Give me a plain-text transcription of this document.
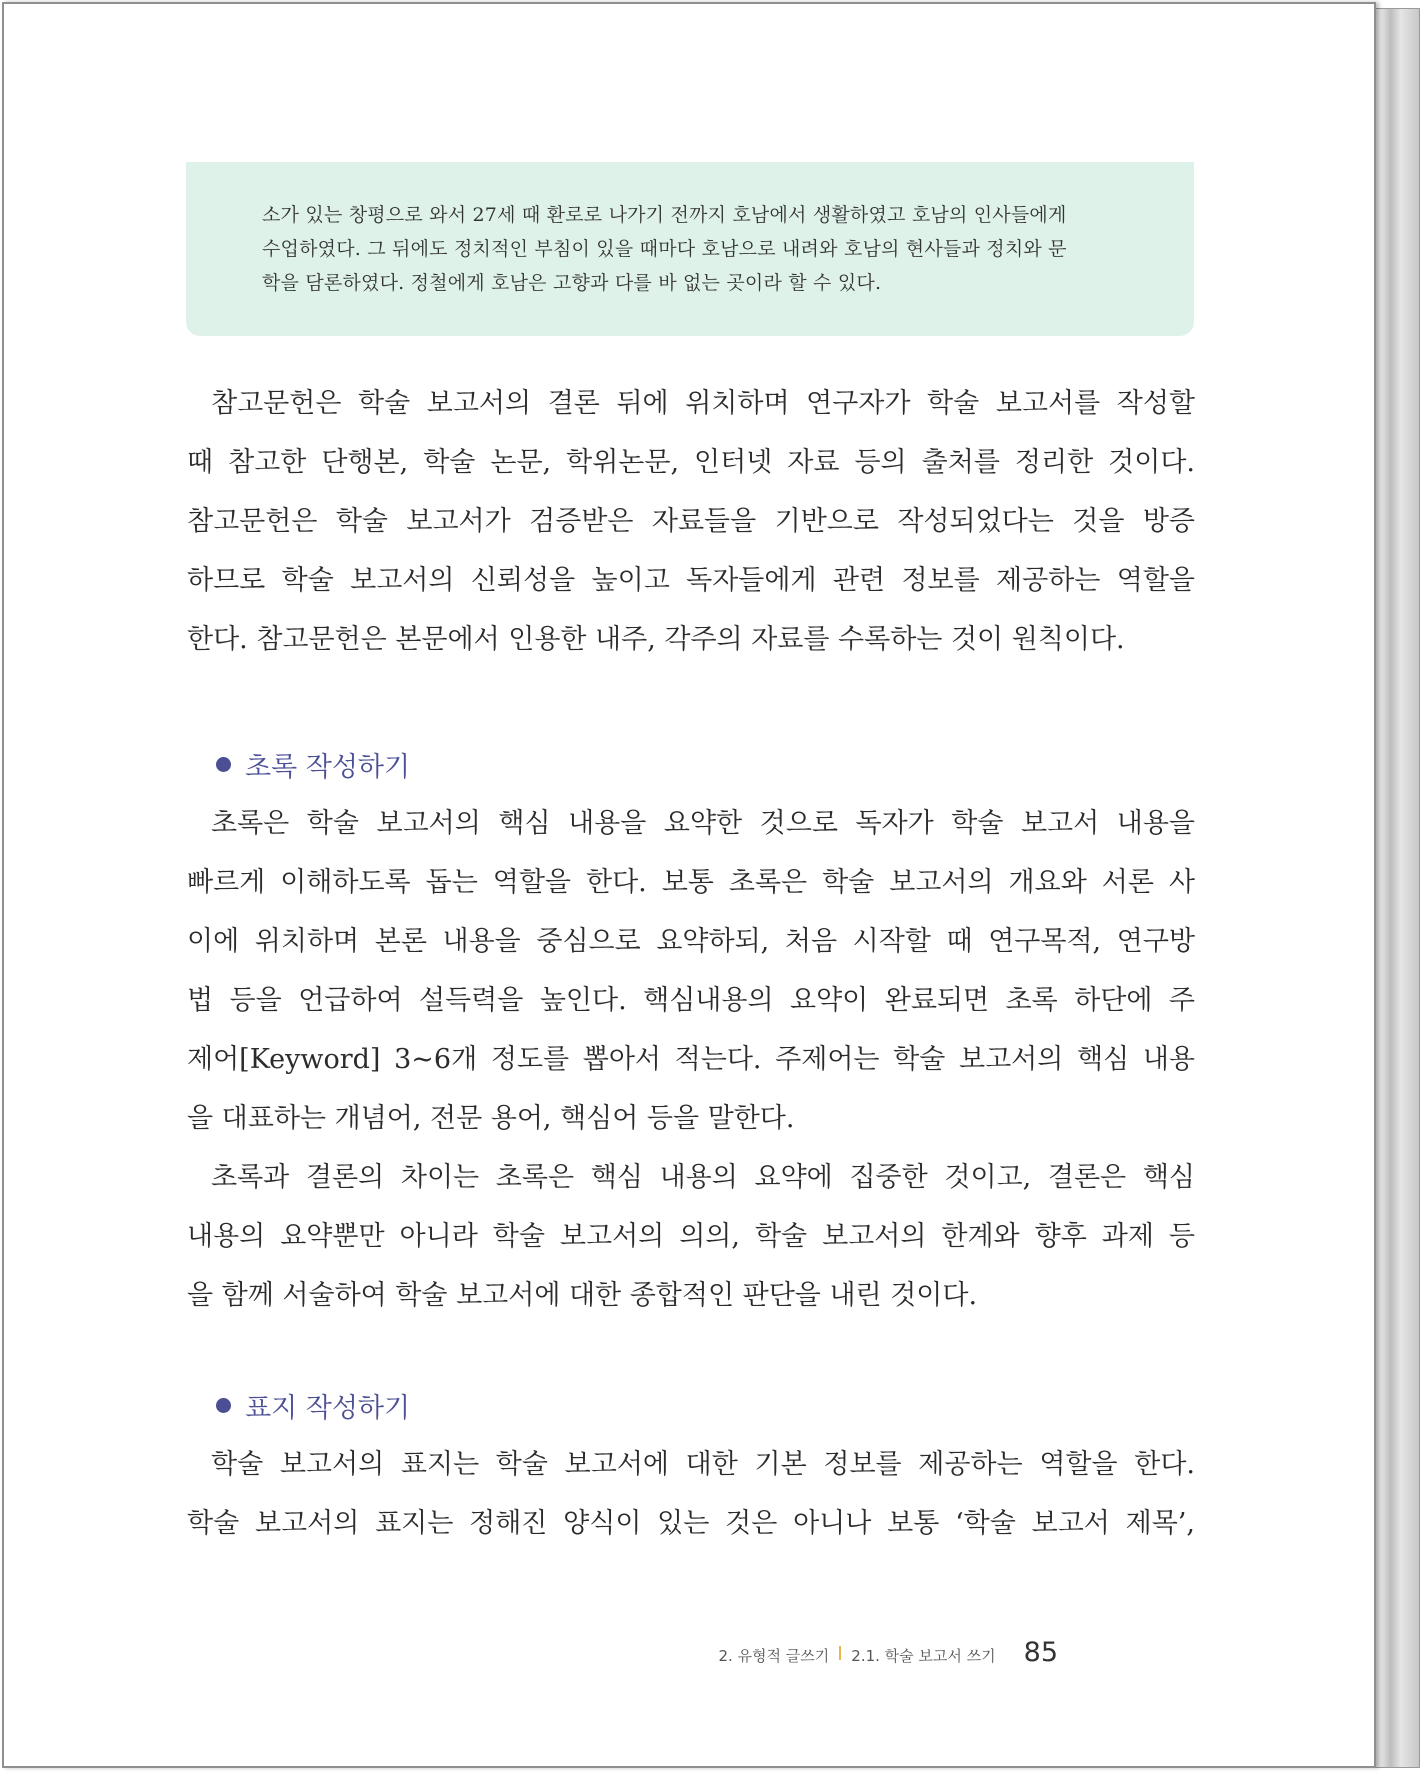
소가 있는 창평으로 와서 27세 때 환로로 나가기 전까지 호남에서 생활하였고 호남의 인사들에게
수업하였다. 그 뒤에도 정치적인 부침이 있을 때마다 호남으로 내려와 호남의 현사들과 정치와 문
학을 담론하였다. 정철에게 호남은 고향과 다를 바 없는 곳이라 할 수 있다.
참고문헌은 학술 보고서의 결론 뒤에 위치하며 연구자가 학술 보고서를 작성할
때 참고한 단행본, 학술 논문, 학위논문, 인터넷 자료 등의 출처를 정리한 것이다.
참고문헌은 학술 보고서가 검증받은 자료들을 기반으로 작성되었다는 것을 방증
하므로 학술 보고서의 신뢰성을 높이고 독자들에게 관련 정보를 제공하는 역할을
한다. 참고문헌은 본문에서 인용한 내주, 각주의 자료를 수록하는 것이 원칙이다.
초록 작성하기
초록은 학술 보고서의 핵심 내용을 요약한 것으로 독자가 학술 보고서 내용을
빠르게 이해하도록 돕는 역할을 한다. 보통 초록은 학술 보고서의 개요와 서론 사
이에 위치하며 본론 내용을 중심으로 요약하되, 처음 시작할 때 연구목적, 연구방
법 등을 언급하여 설득력을 높인다. 핵심내용의 요약이 완료되면 초록 하단에 주
제어[Keyword] 3~6개 정도를 뽑아서 적는다. 주제어는 학술 보고서의 핵심 내용
을 대표하는 개념어, 전문 용어, 핵심어 등을 말한다.
초록과 결론의 차이는 초록은 핵심 내용의 요약에 집중한 것이고, 결론은 핵심
내용의 요약뿐만 아니라 학술 보고서의 의의, 학술 보고서의 한계와 향후 과제 등
을 함께 서술하여 학술 보고서에 대한 종합적인 판단을 내린 것이다.
표지 작성하기
학술 보고서의 표지는 학술 보고서에 대한 기본 정보를 제공하는 역할을 한다.
학술 보고서의 표지는 정해진 양식이 있는 것은 아니나 보통 ‘학술 보고서 제목’,
2. 유형적 글쓰기 2.1. 학술 보고서 쓰기 85
